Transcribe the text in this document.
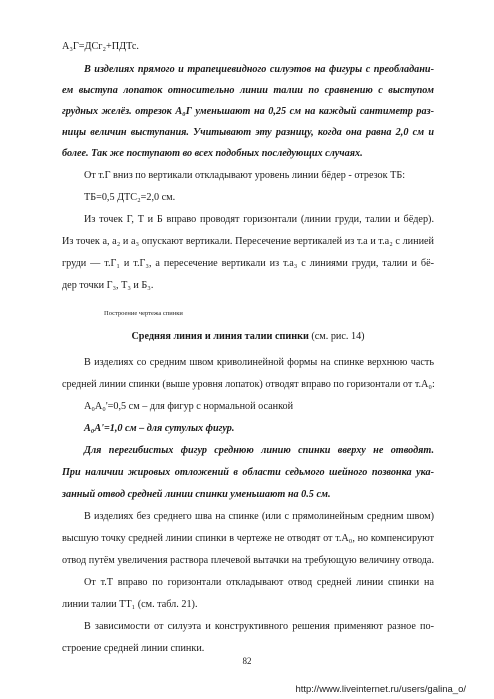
А₃Г=ДСг₂+ПДТс.
В изделиях прямого и трапециевидного силуэтов на фигуры с преобладани-
ем выступа лопаток относительно линии талии по сравнению с выступом
грудных желёз. отрезок А₀Г уменьшают на 0,25 см на каждый сантиметр раз-
ницы величин выступания. Учитывают эту разницу, когда она равна 2,0 см и
более. Так же поступают во всех подобных последующих случаях.
От т.Г вниз по вертикали откладывают уровень линии бёдер - отрезок ТБ:
ТБ=0,5 ДТС₂=2,0 см.
Из точек Г, Т и Б вправо проводят горизонтали (линии груди, талии и бёдер).
Из точек а, а₂ и а₃ опускают вертикали. Пересечение вертикалей из т.а и т.а₂ с линией
груди — т.Г₁ и т.Г₃, а пересечение вертикали из т.а₃ с линиями груди, талии и бё-
дер точки Г₃, Т₃ и Б₃.
Построение чертежа спинки
Средняя линия и линия талии спинки (см. рис. 14)
В изделиях со средним швом криволинейной формы на спинке верхнюю часть
средней линии спинки (выше уровня лопаток) отводят вправо по горизонтали от т.А₀:
А₀А₀'=0,5 см – для фигур с нормальной осанкой
А₀А'=1,0 см – для сутулых фигур.
Для перегибистых фигур среднюю линию спинки вверху не отводят.
При наличии жировых отложений в области седьмого шейного позвонка ука-
занный отвод средней линии спинки уменьшают на 0.5 см.
В изделиях без среднего шва на спинке (или с прямолинейным средним швом)
высшую точку средней линии спинки в чертеже не отводят от т.А₀, но компенсируют
отвод путём увеличения раствора плечевой вытачки на требующую величину отвода.
От т.Т вправо по горизонтали откладывают отвод средней линии спинки на
линии талии ТТ₁ (см. табл. 21).
В зависимости от силуэта и конструктивного решения применяют разное по-
строение средней линии спинки.
82
http://www.liveinternet.ru/users/galina_o/
